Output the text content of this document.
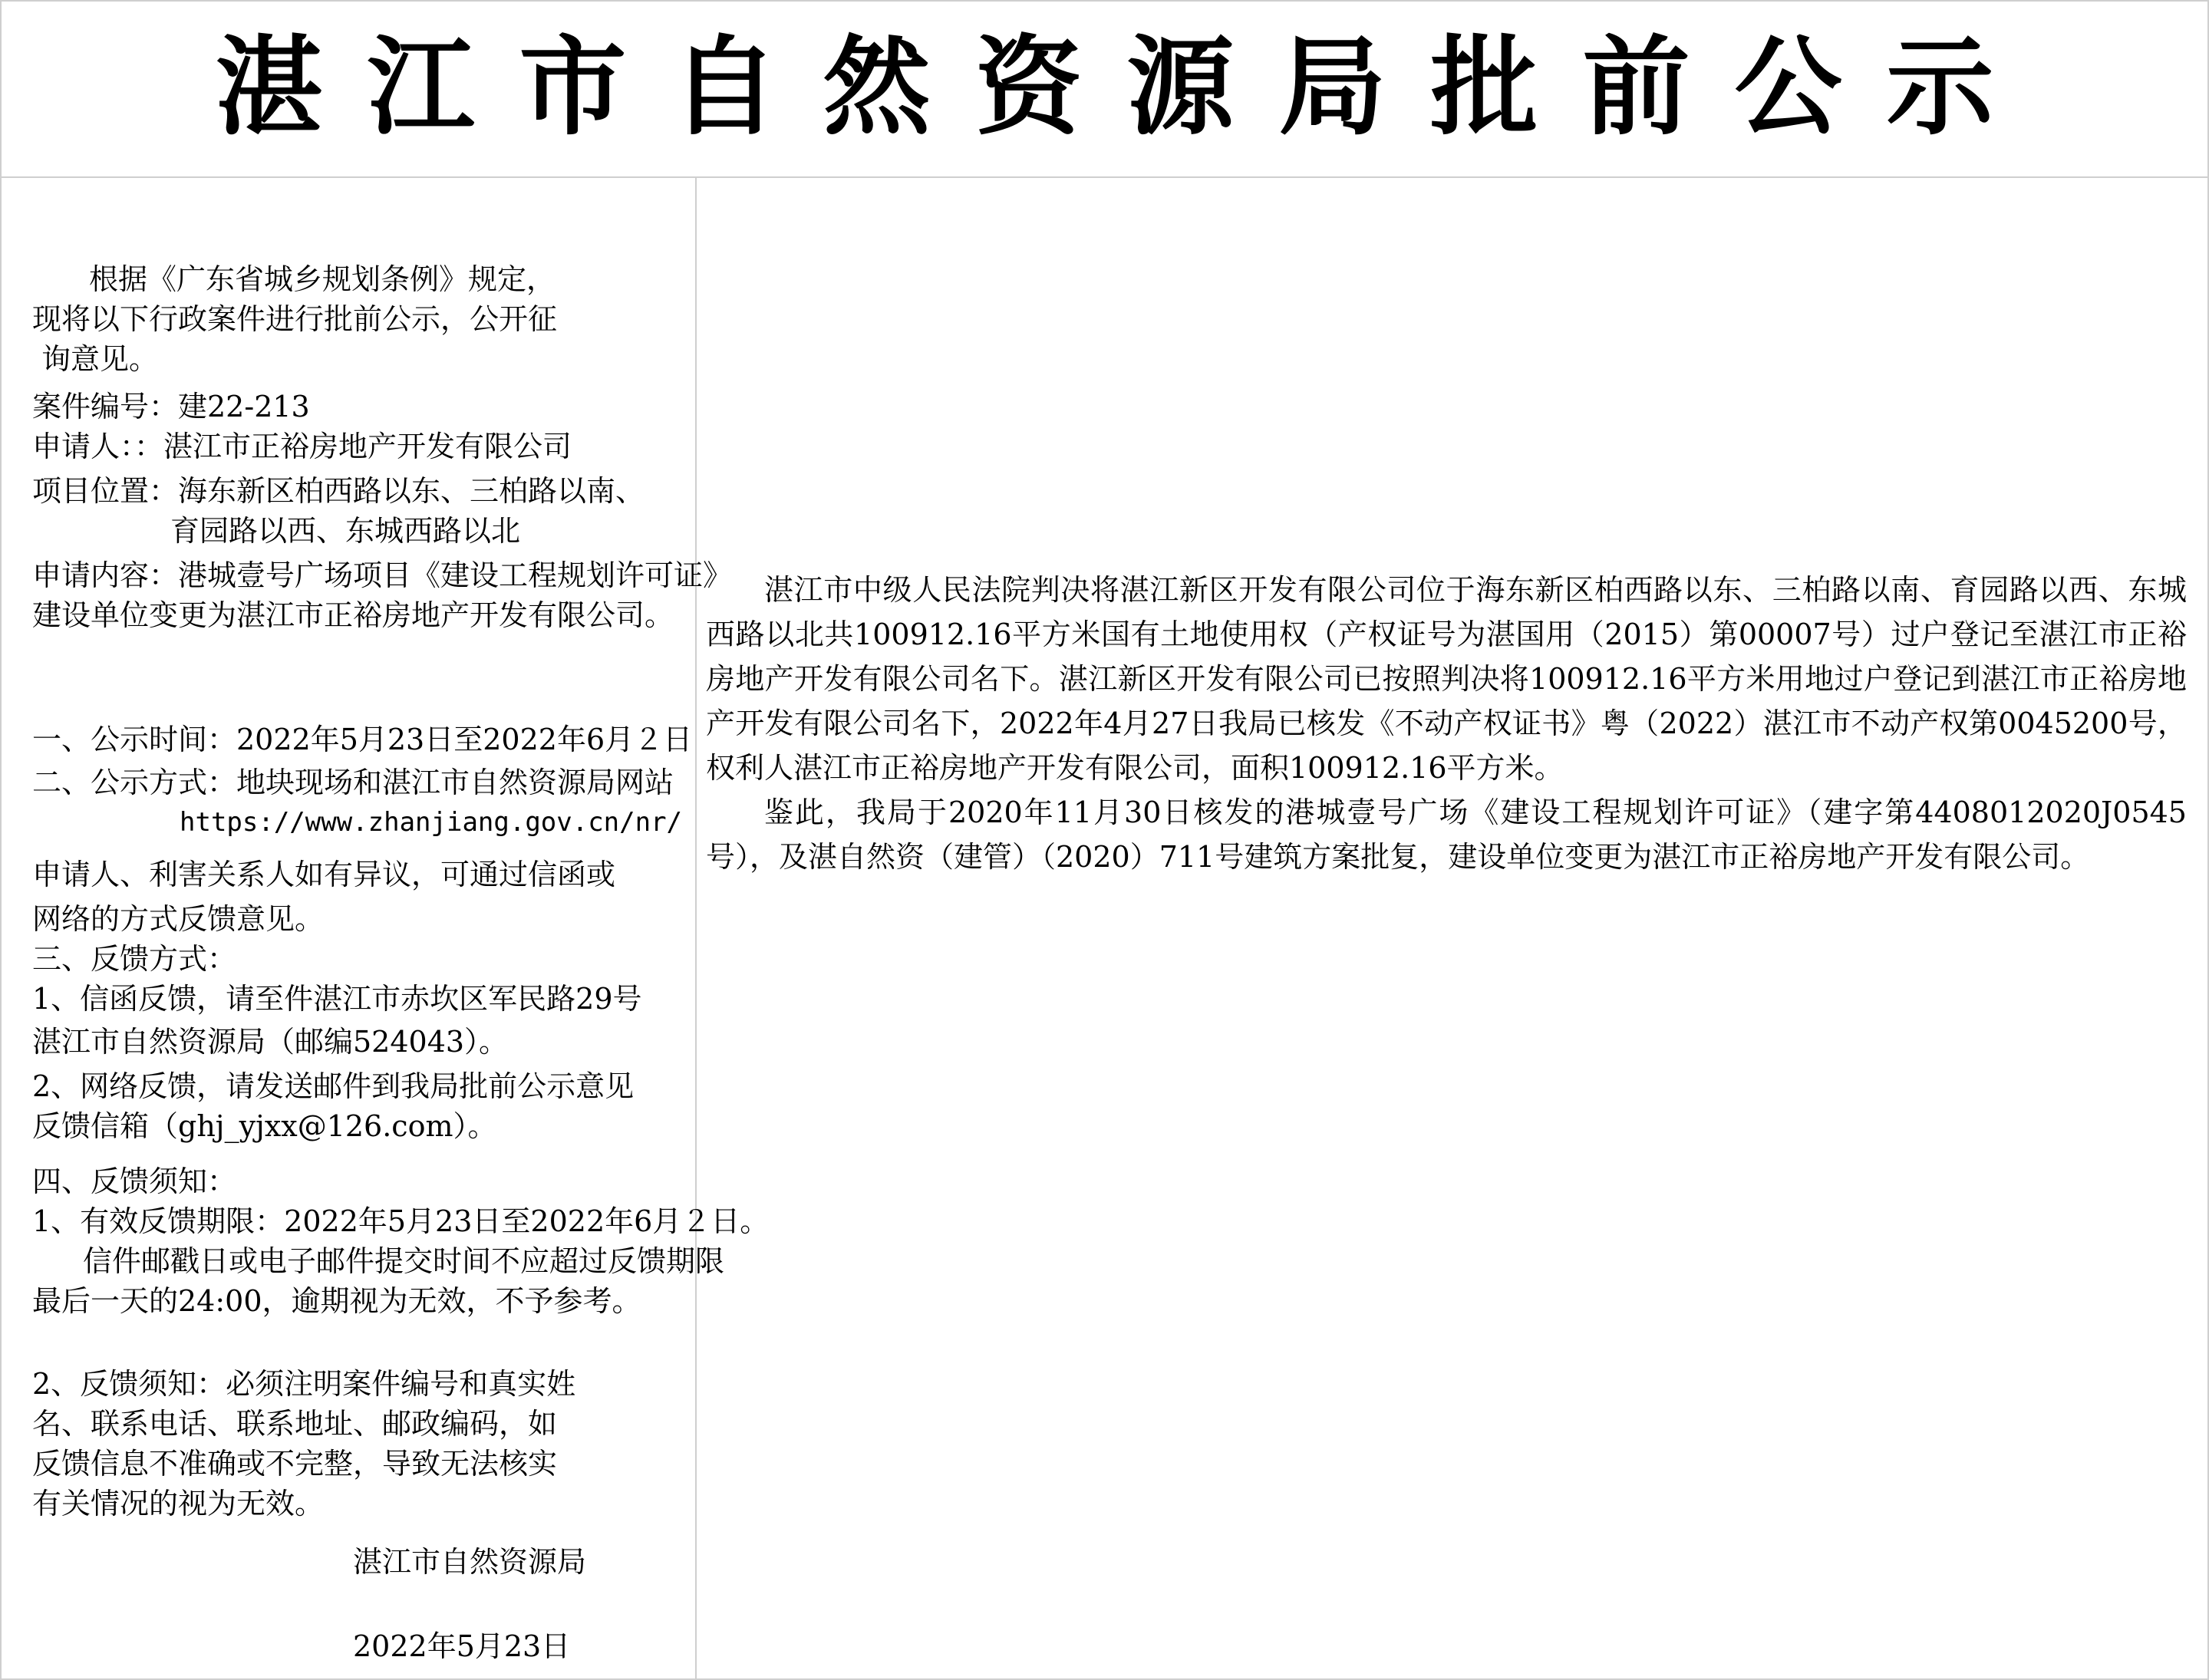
湛江市自然资源局批前公示
根据《广东省城乡规划条例》规定，
现将以下行政案件进行批前公示，公开征
询意见。
案件编号：建22-213
申请人：：湛江市正裕房地产开发有限公司
项目位置：海东新区柏西路以东、三柏路以南、
育园路以西、东城西路以北
申请内容：港城壹号广场项目《建设工程规划许可证》
建设单位变更为湛江市正裕房地产开发有限公司。
一、公示时间：2022年5月23日至2022年6月２日
二、公示方式：地块现场和湛江市自然资源局网站
https://www.zhanjiang.gov.cn/nr/
申请人、利害关系人如有异议，可通过信函或
网络的方式反馈意见。
三、反馈方式：
1、信函反馈，请至件湛江市赤坎区军民路29号
湛江市自然资源局（邮编524043）。
2、网络反馈，请发送邮件到我局批前公示意见
反馈信箱（ghj_yjxx@126.com）。
四、反馈须知：
1、有效反馈期限：2022年5月23日至2022年6月２日。
信件邮戳日或电子邮件提交时间不应超过反馈期限
最后一天的24:00，逾期视为无效，不予参考。
2、反馈须知：必须注明案件编号和真实姓
名、联系电话、联系地址、邮政编码，如
反馈信息不准确或不完整，导致无法核实
有关情况的视为无效。
湛江市自然资源局
2022年5月23日

湛江市中级人民法院判决将湛江新区开发有限公司位于海东新区柏西路以东、三柏路以南、育园路以西、东城西路以北共100912.16平方米国有土地使用权（产权证号为湛国用（2015）第00007号）过户登记至湛江市正裕房地产开发有限公司名下。湛江新区开发有限公司已按照判决将100912.16平方米用地过户登记到湛江市正裕房地产开发有限公司名下，2022年4月27日我局已核发《不动产权证书》粤（2022）湛江市不动产权第0045200号，权利人湛江市正裕房地产开发有限公司，面积100912.16平方米。

鉴此，我局于2020年11月30日核发的港城壹号广场《建设工程规划许可证》（建字第4408012020J0545号），及湛自然资（建管）（2020）711号建筑方案批复，建设单位变更为湛江市正裕房地产开发有限公司。
